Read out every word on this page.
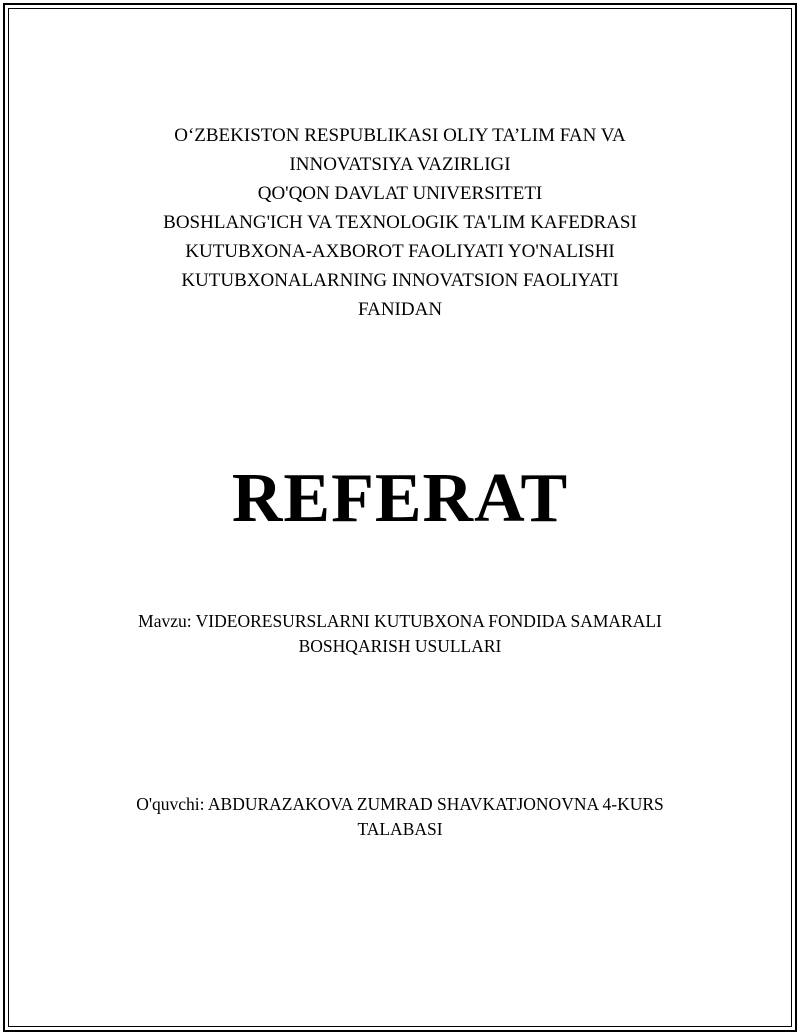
O‘ZBEKISTON RESPUBLIKASI OLIY TA’LIM FAN VA
INNOVATSIYA VAZIRLIGI
QO'QON DAVLAT UNIVERSITETI
BOSHLANG'ICH VA TEXNOLOGIK TA'LIM KAFEDRASI
KUTUBXONA-AXBOROT FAOLIYATI YO'NALISHI
KUTUBXONALARNING INNOVATSION FAOLIYATI
FANIDAN
REFERAT
Mavzu: VIDEORESURSLARNI KUTUBXONA FONDIDA SAMARALI
BOSHQARISH USULLARI
O'quvchi: ABDURAZAKOVA ZUMRAD SHAVKATJONOVNA 4-KURS
TALABASI
